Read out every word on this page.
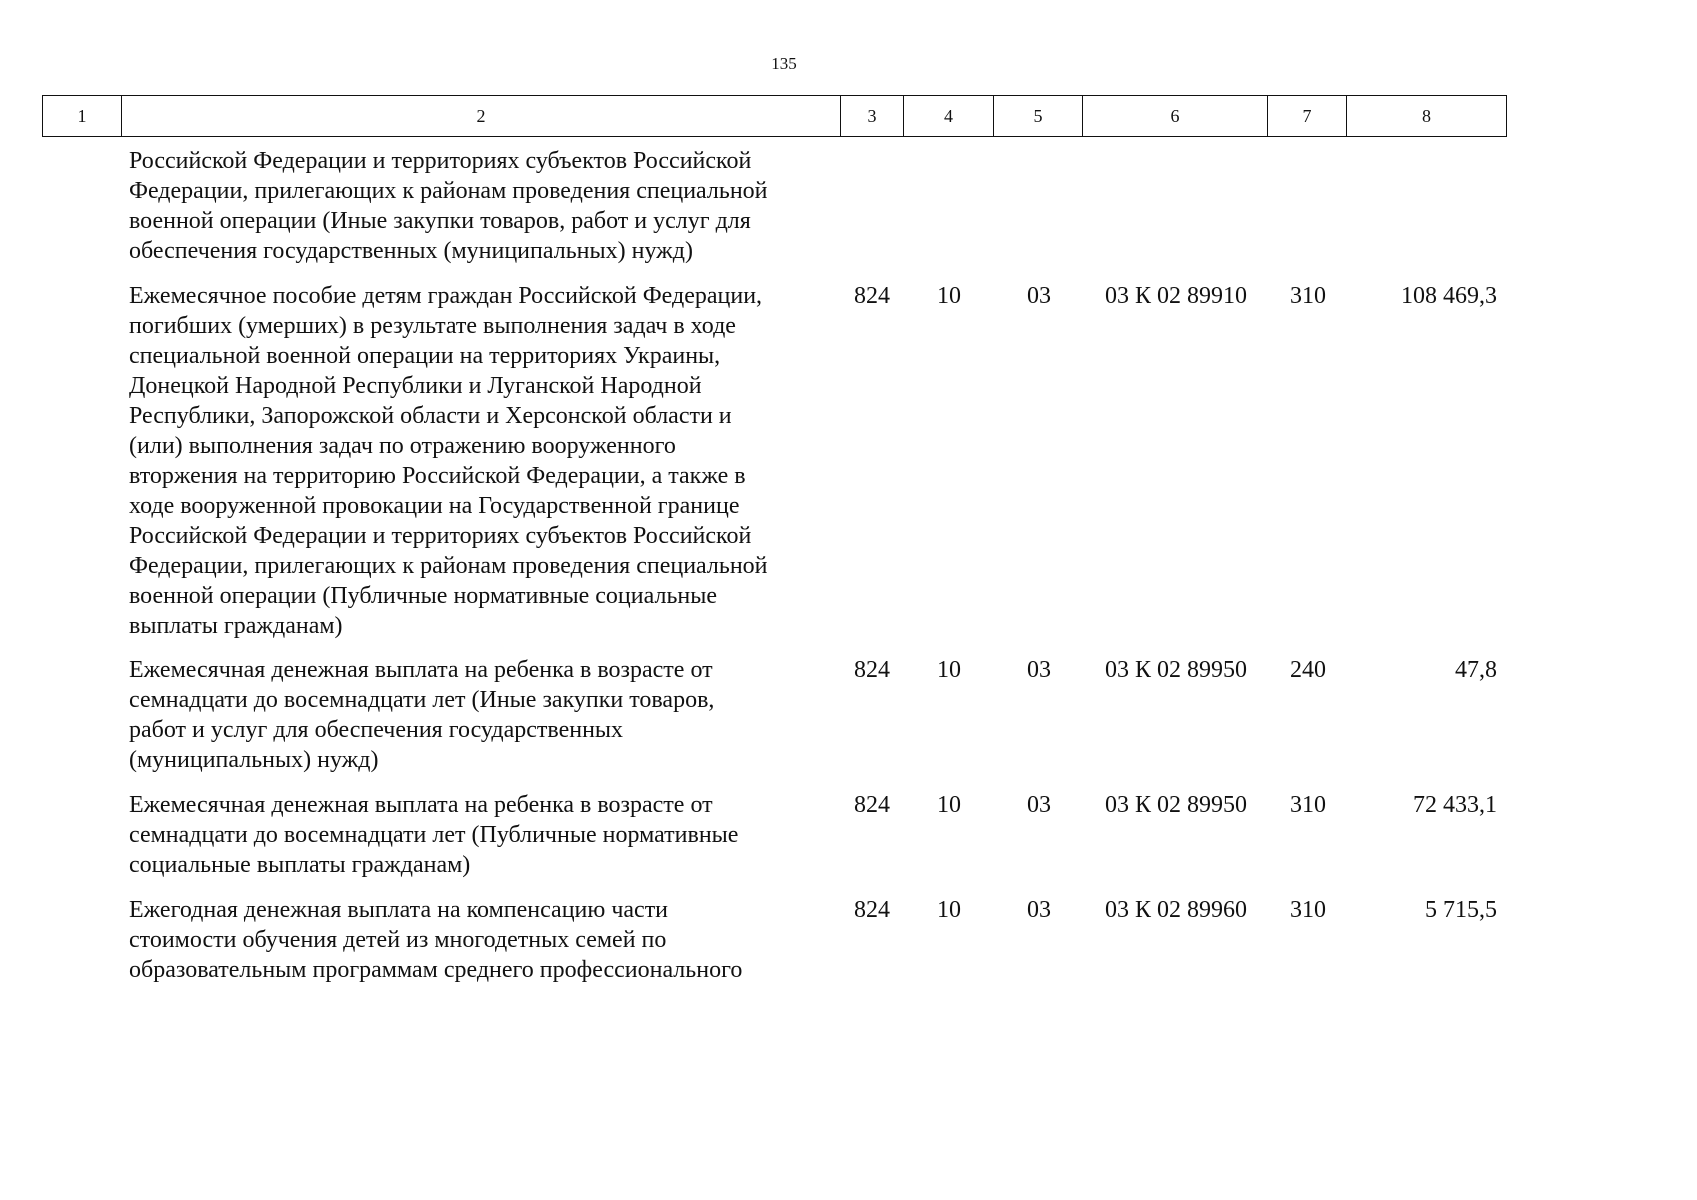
135
1	2	3	4	5	6	7	8
Российской Федерации и территориях субъектов Российской
Федерации, прилегающих к районам проведения специальной
военной операции (Иные закупки товаров, работ и услуг для
обеспечения государственных (муниципальных) нужд)
Ежемесячное пособие детям граждан Российской Федерации,
погибших (умерших) в результате выполнения задач в ходе
специальной военной операции на территориях Украины,
Донецкой Народной Республики и Луганской Народной
Республики, Запорожской области и Херсонской области и
(или) выполнения задач по отражению вооруженного
вторжения на территорию Российской Федерации, а также в
ходе вооруженной провокации на Государственной границе
Российской Федерации и территориях субъектов Российской
Федерации, прилегающих к районам проведения специальной
военной операции (Публичные нормативные социальные
выплаты гражданам)
824	10	03	03 К 02 89910	310	108 469,3
Ежемесячная денежная выплата на ребенка в возрасте от
семнадцати до восемнадцати лет (Иные закупки товаров,
работ и услуг для обеспечения государственных
(муниципальных) нужд)
824	10	03	03 К 02 89950	240	47,8
Ежемесячная денежная выплата на ребенка в возрасте от
семнадцати до восемнадцати лет (Публичные нормативные
социальные выплаты гражданам)
824	10	03	03 К 02 89950	310	72 433,1
Ежегодная денежная выплата на компенсацию части
стоимости обучения детей из многодетных семей по
образовательным программам среднего профессионального
824	10	03	03 К 02 89960	310	5 715,5
